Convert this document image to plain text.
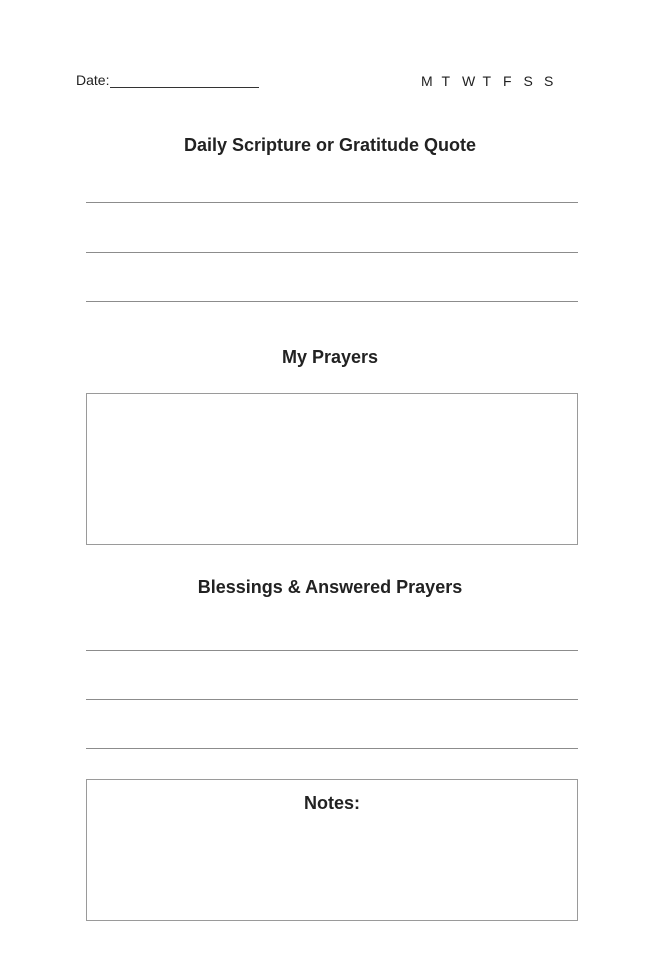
Date:	M T W T F S S
Daily Scripture or Gratitude Quote
My Prayers
Blessings & Answered Prayers
Notes:
